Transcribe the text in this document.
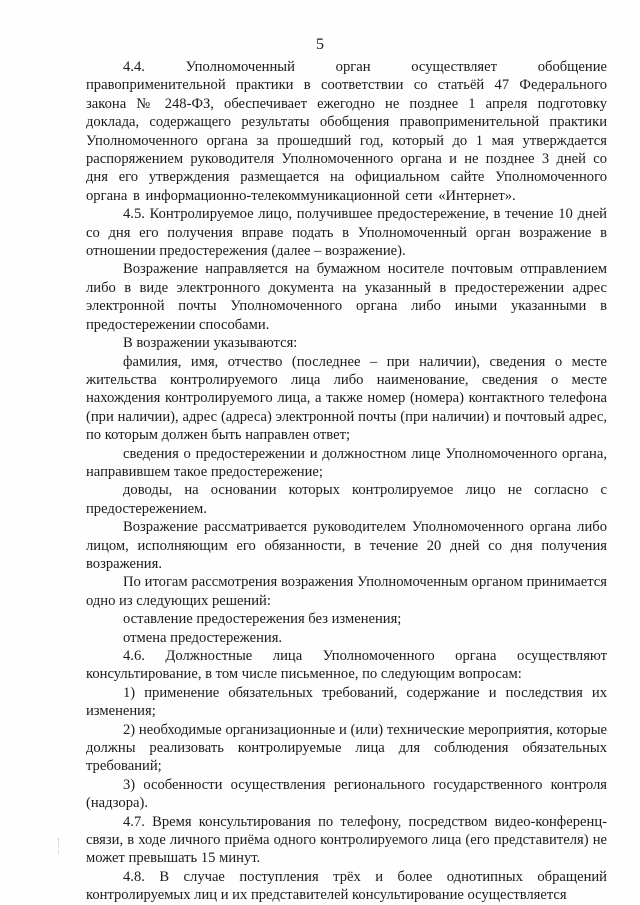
5

4.4. Уполномоченный орган осуществляет обобщение правоприменительной практики в соответствии со статьёй 47 Федерального закона № 248-ФЗ, обеспечивает ежегодно не позднее 1 апреля подготовку доклада, содержащего результаты обобщения правоприменительной практики Уполномоченного органа за прошедший год, который до 1 мая утверждается распоряжением руководителя Уполномоченного органа и не позднее 3 дней со дня его утверждения размещается на официальном сайте Уполномоченного органа в информационно-телекоммуникационной сети «Интернет».

4.5. Контролируемое лицо, получившее предостережение, в течение 10 дней со дня его получения вправе подать в Уполномоченный орган возражение в отношении предостережения (далее – возражение).

Возражение направляется на бумажном носителе почтовым отправлением либо в виде электронного документа на указанный в предостережении адрес электронной почты Уполномоченного органа либо иными указанными в предостережении способами.

В возражении указываются:

фамилия, имя, отчество (последнее – при наличии), сведения о месте жительства контролируемого лица либо наименование, сведения о месте нахождения контролируемого лица, а также номер (номера) контактного телефона (при наличии), адрес (адреса) электронной почты (при наличии) и почтовый адрес, по которым должен быть направлен ответ;

сведения о предостережении и должностном лице Уполномоченного органа, направившем такое предостережение;

доводы, на основании которых контролируемое лицо не согласно с предостережением.

Возражение рассматривается руководителем Уполномоченного органа либо лицом, исполняющим его обязанности, в течение 20 дней со дня получения возражения.

По итогам рассмотрения возражения Уполномоченным органом принимается одно из следующих решений:

оставление предостережения без изменения;

отмена предостережения.

4.6. Должностные лица Уполномоченного органа осуществляют консультирование, в том числе письменное, по следующим вопросам:

1) применение обязательных требований, содержание и последствия их изменения;

2) необходимые организационные и (или) технические мероприятия, которые должны реализовать контролируемые лица для соблюдения обязательных требований;

3) особенности осуществления регионального государственного контроля (надзора).

4.7. Время консультирования по телефону, посредством видео-конференц-связи, в ходе личного приёма одного контролируемого лица (его представителя) не может превышать 15 минут.

4.8. В случае поступления трёх и более однотипных обращений контролируемых лиц и их представителей консультирование осуществляется
